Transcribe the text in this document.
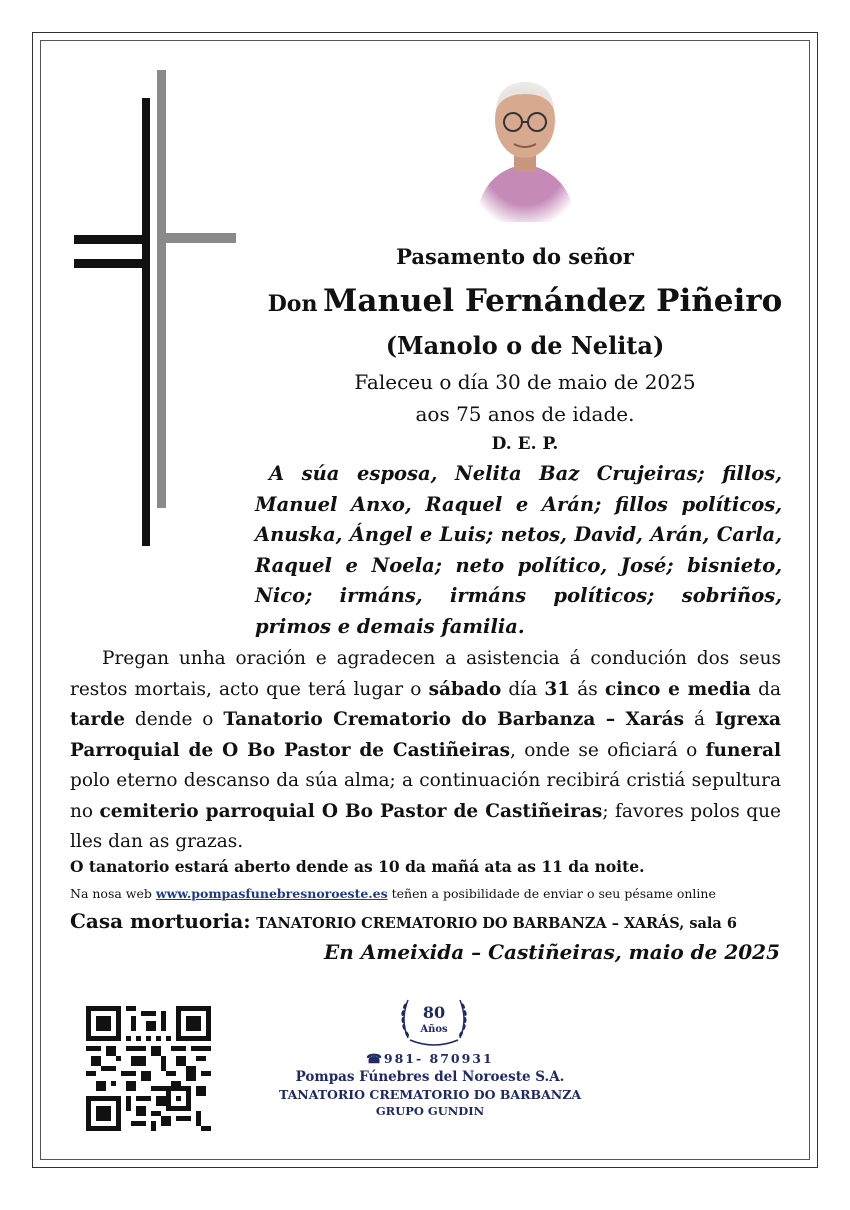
Pasamento do señor
Don Manuel Fernández Piñeiro
(Manolo o de Nelita)
Faleceu o día 30 de maio de 2025
aos 75 anos de idade.
D. E. P.
A súa esposa, Nelita Baz Crujeiras; fillos, Manuel Anxo, Raquel e Arán; fillos políticos, Anuska, Ángel e Luis; netos, David, Arán, Carla, Raquel e Noela; neto político, José; bisnieto, Nico; irmáns, irmáns políticos; sobriños, primos e demais familia.
Pregan unha oración e agradecen a asistencia á condución dos seus restos mortais, acto que terá lugar o sábado día 31 ás cinco e media da tarde dende o Tanatorio Crematorio do Barbanza – Xarás á Igrexa Parroquial de O Bo Pastor de Castiñeiras, onde se oficiará o funeral polo eterno descanso da súa alma; a continuación recibirá cristiá sepultura no cemiterio parroquial O Bo Pastor de Castiñeiras; favores polos que lles dan as grazas.
O tanatorio estará aberto dende as 10 da mañá ata as 11 da noite.
Na nosa web www.pompasfunebresnoroeste.es teñen a posibilidade de enviar o seu pésame online
Casa mortuoria: TANATORIO CREMATORIO DO BARBANZA – XARÁS, sala 6
En Ameixida – Castiñeiras, maio de 2025
80
Años
☎981- 870931
Pompas Fúnebres del Noroeste S.A.
TANATORIO CREMATORIO DO BARBANZA
GRUPO GUNDIN
